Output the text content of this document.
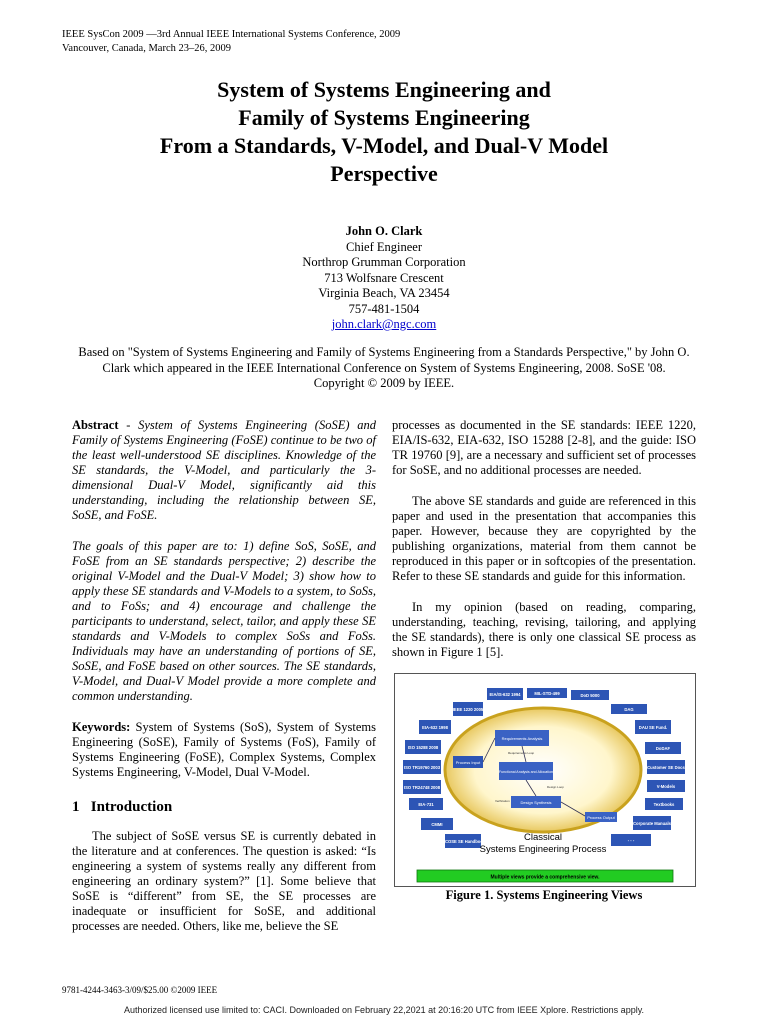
IEEE SysCon 2009 —3rd Annual IEEE International Systems Conference, 2009
Vancouver, Canada, March 23–26, 2009
System of Systems Engineering and
Family of Systems Engineering
From a Standards, V-Model, and Dual-V Model
Perspective
John O. Clark
Chief Engineer
Northrop Grumman Corporation
713 Wolfsnare Crescent
Virginia Beach, VA 23454
757-481-1504
john.clark@ngc.com
Based on "System of Systems Engineering and Family of Systems Engineering from a Standards Perspective," by John O. Clark which appeared in the IEEE International Conference on System of Systems Engineering, 2008. SoSE '08. Copyright © 2009 by IEEE.

Abstract - System of Systems Engineering (SoSE) and Family of Systems Engineering (FoSE) continue to be two of the least well-understood SE disciplines. Knowledge of the SE standards, the V-Model, and particularly the 3-dimensional Dual-V Model, significantly aid this understanding, including the relationship between SE, SoSE, and FoSE.

The goals of this paper are to: 1) define SoS, SoSE, and FoSE from an SE standards perspective; 2) describe the original V-Model and the Dual-V Model; 3) show how to apply these SE standards and V-Models to a system, to SoSs, and to FoSs; and 4) encourage and challenge the participants to understand, select, tailor, and apply these SE standards and V-Models to complex SoSs and FoSs. Individuals may have an understanding of portions of SE, SoSE, and FoSE based on other sources. The SE standards, V-Model, and Dual-V Model provide a more complete and common understanding.

Keywords: System of Systems (SoS), System of Systems Engineering (SoSE), Family of Systems (FoS), Family of Systems Engineering (FoSE), Complex Systems, Complex Systems Engineering, V-Model, Dual V-Model.

1 Introduction

The subject of SoSE versus SE is currently debated in the literature and at conferences. The question is asked: “Is engineering a system of systems really any different from engineering an ordinary system?” [1]. Some believe that SoSE is “different” from SE, the SE processes are inadequate or insufficient for SoSE, and additional processes are needed. Others, like me, believe the SE

processes as documented in the SE standards: IEEE 1220, EIA/IS-632, EIA-632, ISO 15288 [2-8], and the guide: ISO TR 19760 [9], are a necessary and sufficient set of processes for SoSE, and no additional processes are needed.

The above SE standards and guide are referenced in this paper and used in the presentation that accompanies this paper. However, because they are copyrighted by the publishing organizations, material from them cannot be reproduced in this paper or in softcopies of the presentation. Refer to these SE standards and guide for this information.

In my opinion (based on reading, comparing, understanding, teaching, revising, tailoring, and applying the SE standards), there is only one classical SE process as shown in Figure 1 [5].

Process Input
Requirements Analysis
Functional Analysis and Allocation
Design Synthesis
Process Output
Requirements Loop
Design Loop
Verification
EIA/IS-632 1994	MIL-STD-499	DoD 5000
IEEE 1220 2005	DAG
EIA-632 1998	DAU SE Fund.
ISO 15288 2008	DoDAF
ISO TR19760 2003	Customer SE Docs
ISO TR24748 2008	V-Models
EIA-731	Textbooks
CMMI	Corporate Manuals
INCOSE SE Handbook	- - -
Classical
Systems Engineering Process
Multiple views provide a comprehensive view.
Figure 1. Systems Engineering Views
9781-4244-3463-3/09/$25.00 ©2009 IEEE
Authorized licensed use limited to: CACI. Downloaded on February 22,2021 at 20:16:20 UTC from IEEE Xplore. Restrictions apply.
